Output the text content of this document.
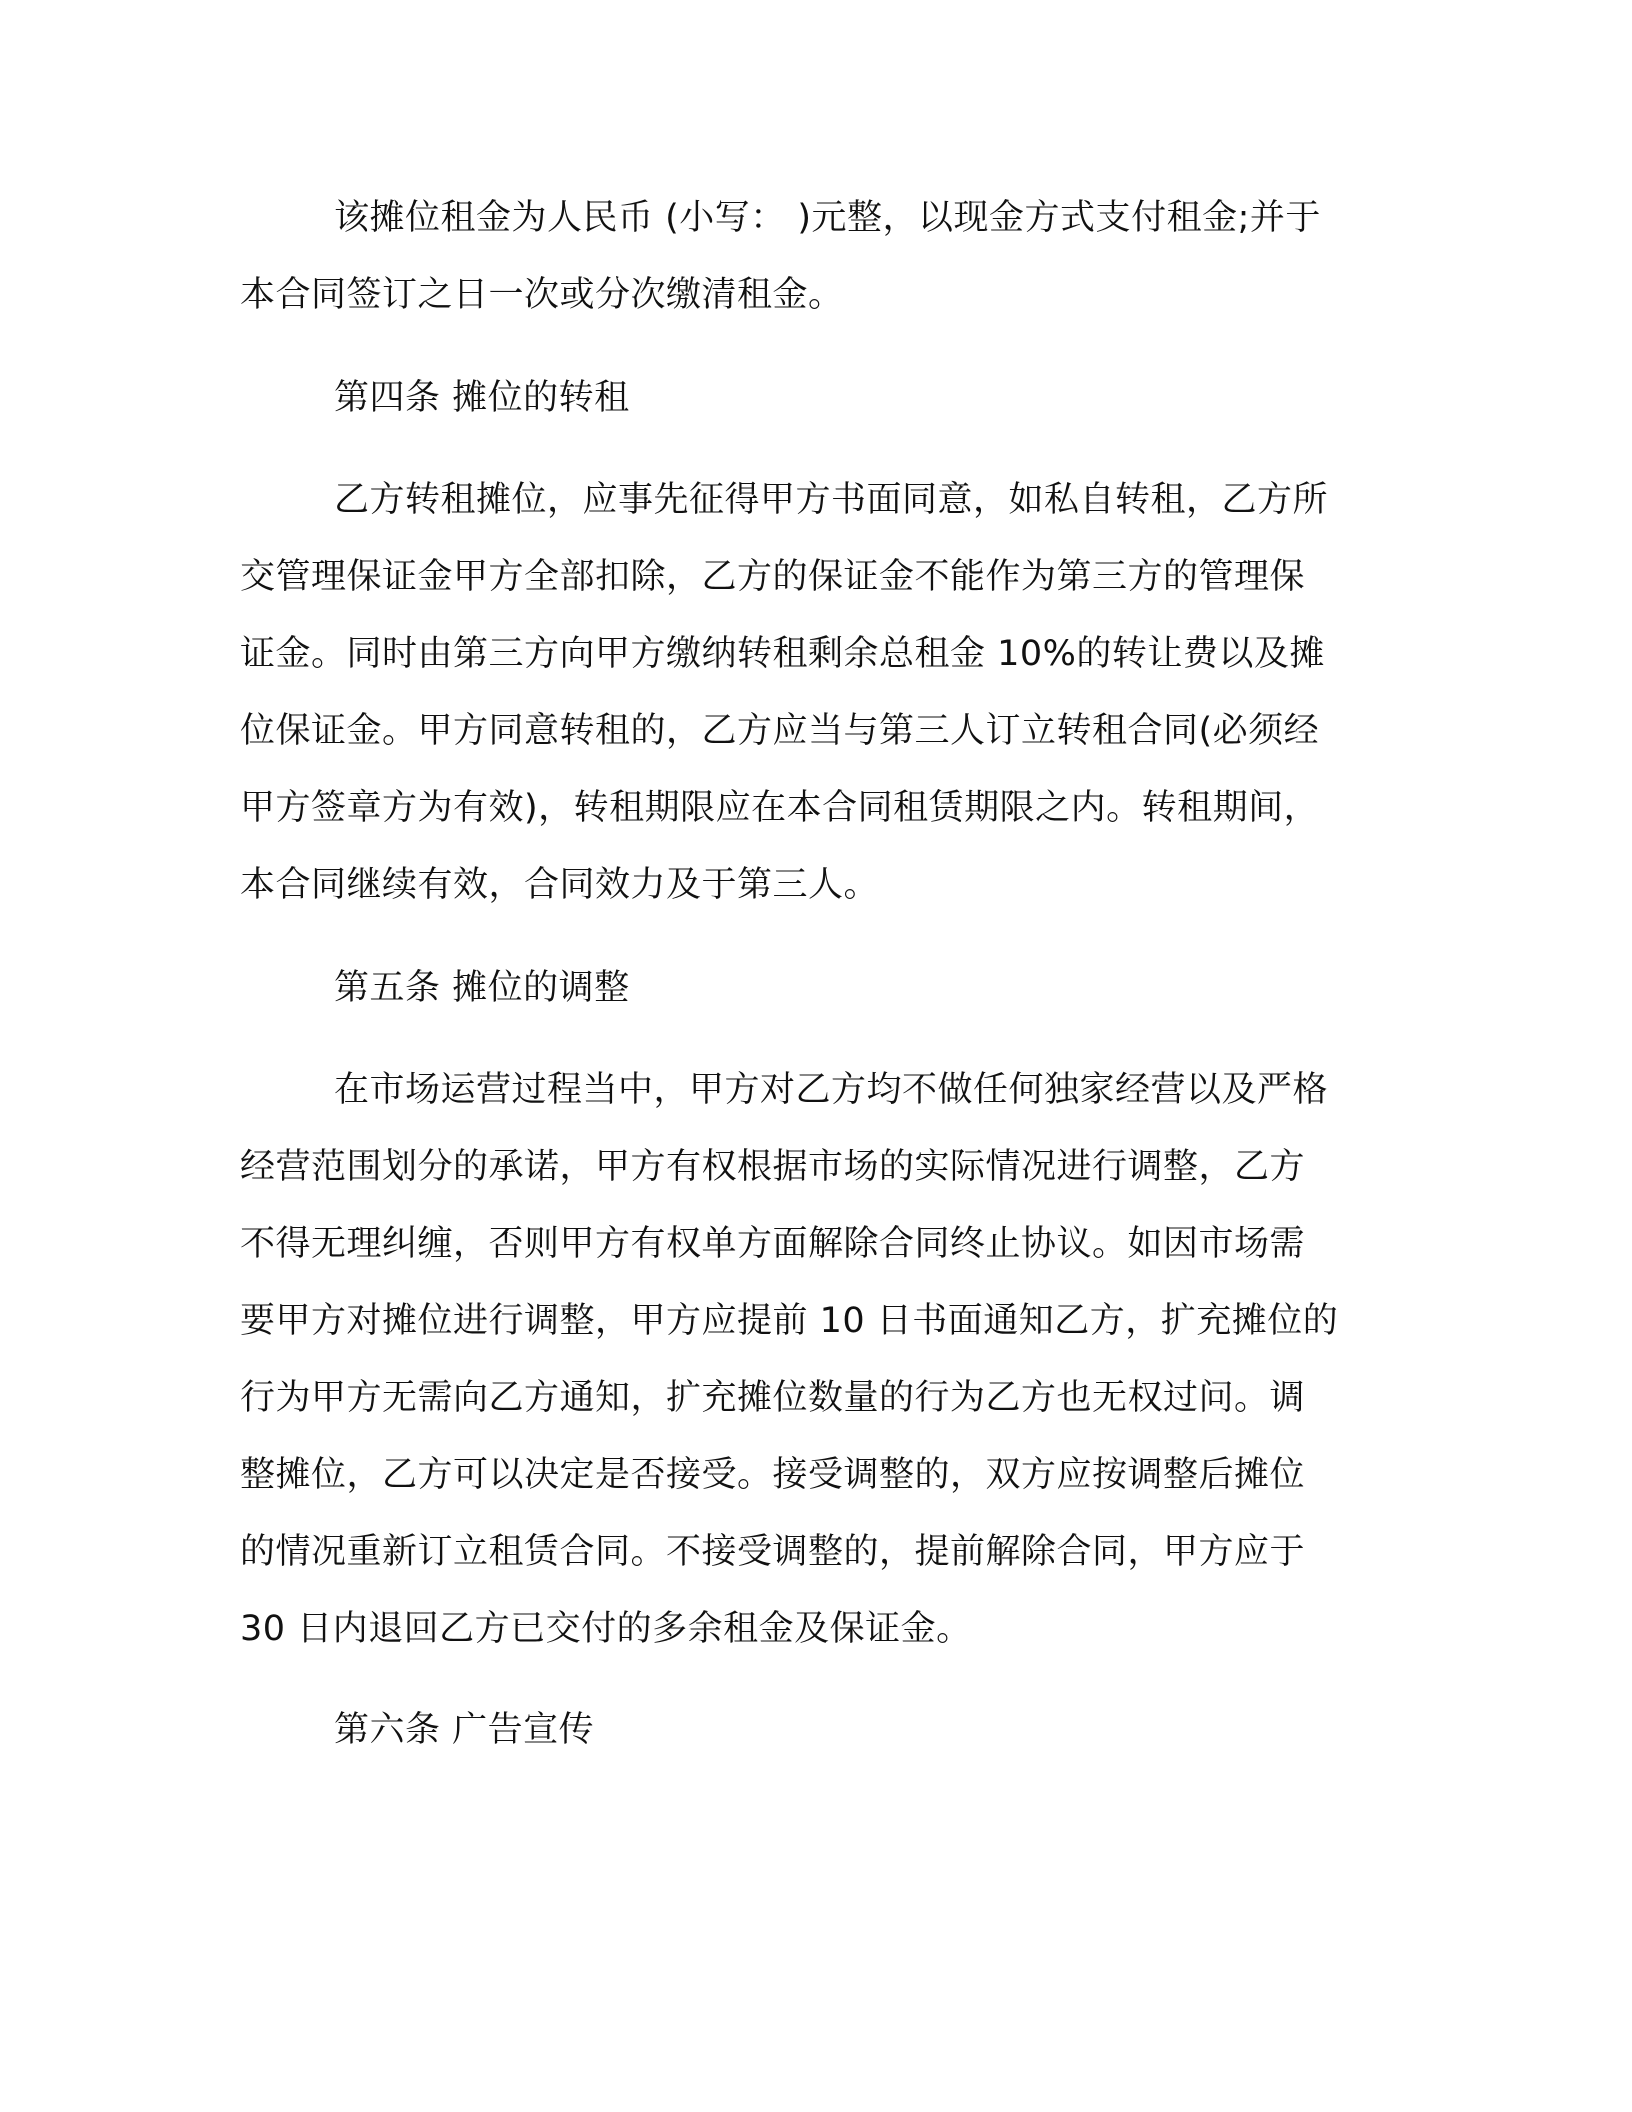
该摊位租金为人民币 (小写： )元整，以现金方式支付租金;并于
本合同签订之日一次或分次缴清租金。

第四条 摊位的转租

乙方转租摊位，应事先征得甲方书面同意，如私自转租，乙方所
交管理保证金甲方全部扣除，乙方的保证金不能作为第三方的管理保
证金。同时由第三方向甲方缴纳转租剩余总租金 10%的转让费以及摊
位保证金。甲方同意转租的，乙方应当与第三人订立转租合同(必须经
甲方签章方为有效)，转租期限应在本合同租赁期限之内。转租期间，
本合同继续有效，合同效力及于第三人。

第五条 摊位的调整

在市场运营过程当中，甲方对乙方均不做任何独家经营以及严格
经营范围划分的承诺，甲方有权根据市场的实际情况进行调整，乙方
不得无理纠缠，否则甲方有权单方面解除合同终止协议。如因市场需
要甲方对摊位进行调整，甲方应提前 10 日书面通知乙方，扩充摊位的
行为甲方无需向乙方通知，扩充摊位数量的行为乙方也无权过问。调
整摊位，乙方可以决定是否接受。接受调整的，双方应按调整后摊位
的情况重新订立租赁合同。不接受调整的，提前解除合同，甲方应于
30 日内退回乙方已交付的多余租金及保证金。

第六条 广告宣传
